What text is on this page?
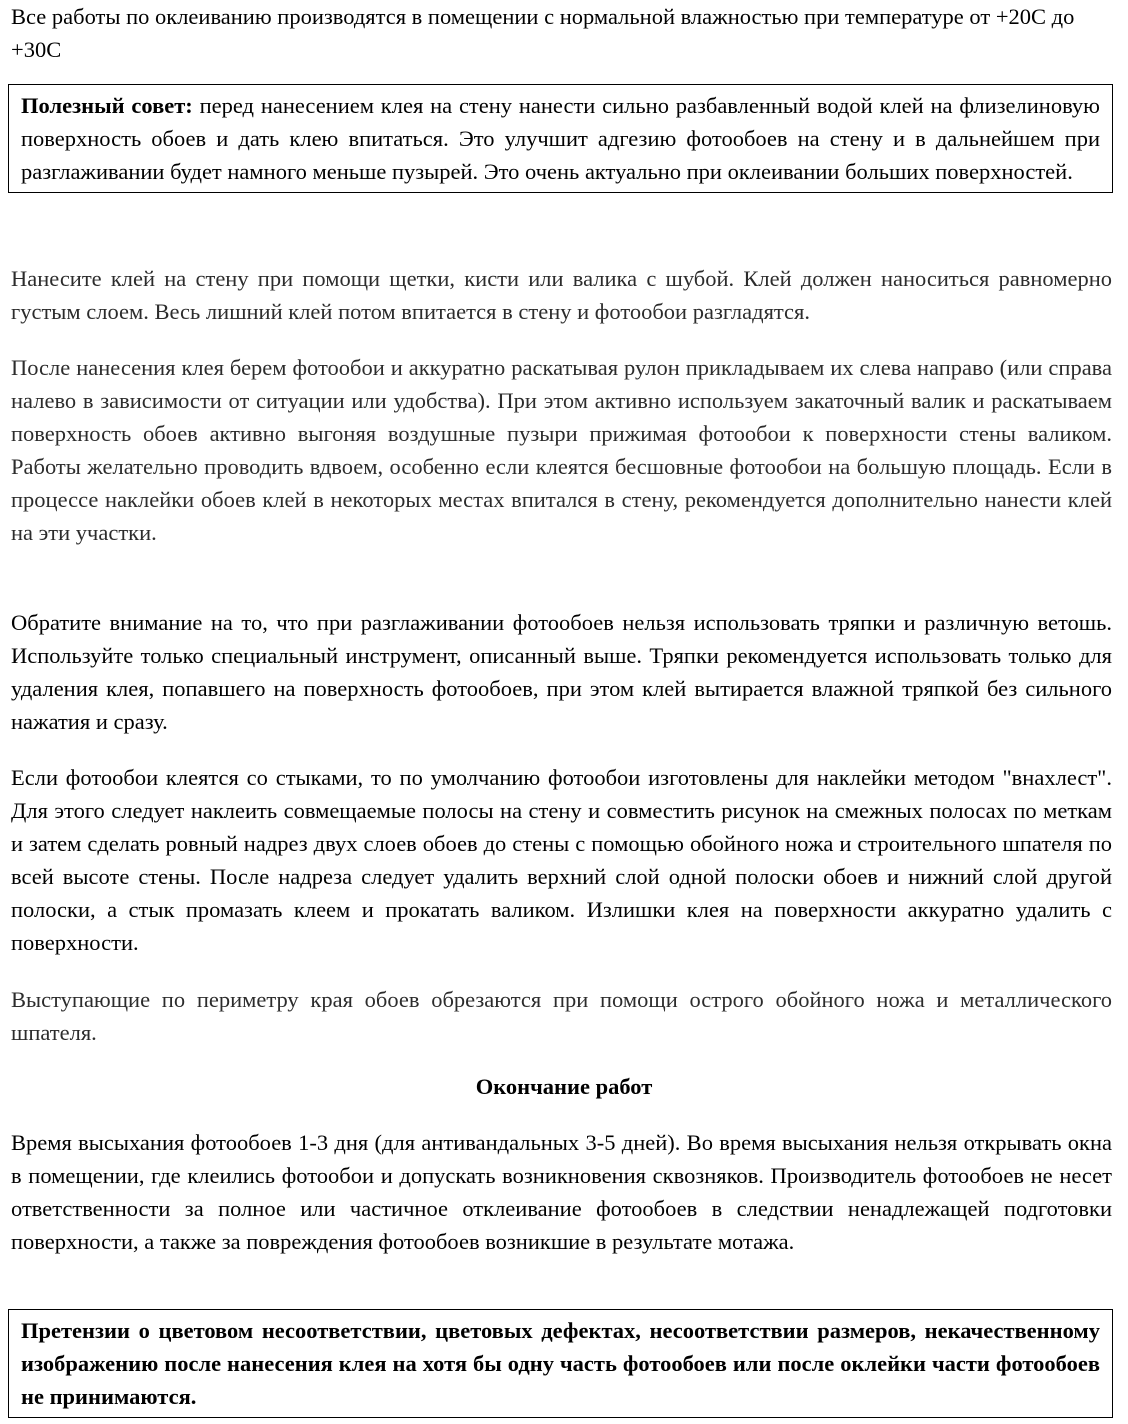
Все работы по оклеиванию производятся в помещении с нормальной влажностью при температуре от +20С до +30С

Полезный совет: перед нанесением клея на стену нанести сильно разбавленный водой клей на флизелиновую поверхность обоев и дать клею впитаться. Это улучшит адгезию фотообоев на стену и в дальнейшем при разглаживании будет намного меньше пузырей. Это очень актуально при оклеивании больших поверхностей.

Нанесите клей на стену при помощи щетки, кисти или валика с шубой. Клей должен наноситься равномерно густым слоем. Весь лишний клей потом впитается в стену и фотообои разгладятся.

После нанесения клея берем фотообои и аккуратно раскатывая рулон прикладываем их слева направо (или справа налево в зависимости от ситуации или удобства). При этом активно используем закаточный валик и раскатываем поверхность обоев активно выгоняя воздушные пузыри прижимая фотообои к поверхности стены валиком. Работы желательно проводить вдвоем, особенно если клеятся бесшовные фотообои на большую площадь. Если в процессе наклейки обоев клей в некоторых местах впитался в стену, рекомендуется дополнительно нанести клей на эти участки.

Обратите внимание на то, что при разглаживании фотообоев нельзя использовать тряпки и различную ветошь. Используйте только специальный инструмент, описанный выше. Тряпки рекомендуется использовать только для удаления клея, попавшего на поверхность фотообоев, при этом клей вытирается влажной тряпкой без сильного нажатия и сразу.

Если фотообои клеятся со стыками, то по умолчанию фотообои изготовлены для наклейки методом "внахлест". Для этого следует наклеить совмещаемые полосы на стену и совместить рисунок на смежных полосах по меткам и затем сделать ровный надрез двух слоев обоев до стены с помощью обойного ножа и строительного шпателя по всей высоте стены. После надреза следует удалить верхний слой одной полоски обоев и нижний слой другой полоски, а стык промазать клеем и прокатать валиком. Излишки клея на поверхности аккуратно удалить с поверхности.

Выступающие по периметру края обоев обрезаются при помощи острого обойного ножа и металлического шпателя.

Окончание работ

Время высыхания фотообоев 1-3 дня (для антивандальных 3-5 дней). Во время высыхания нельзя открывать окна в помещении, где клеились фотообои и допускать возникновения сквозняков. Производитель фотообоев не несет ответственности за полное или частичное отклеивание фотообоев в следствии ненадлежащей подготовки поверхности, а также за повреждения фотообоев возникшие в результате мотажа.

Претензии о цветовом несоответствии, цветовых дефектах, несоответствии размеров, некачественному изображению после нанесения клея на хотя бы одну часть фотообоев или после оклейки части фотообоев не принимаются.
